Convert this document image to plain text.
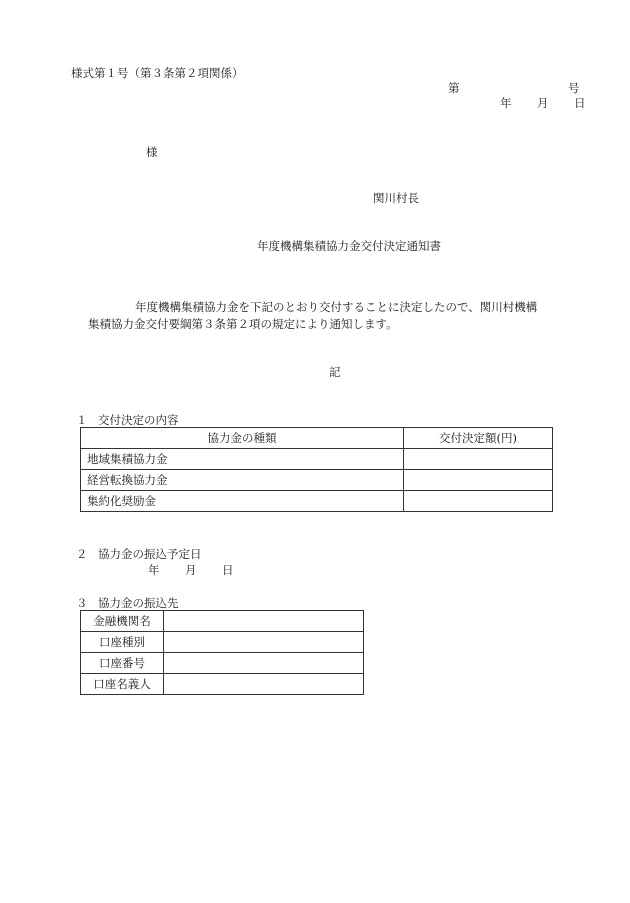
様式第１号（第３条第２項関係）
第	号
年 月 日
様
関川村長
年度機構集積協力金交付決定通知書
年度機構集積協力金を下記のとおり交付することに決定したので、関川村機構
集積協力金交付要綱第３条第２項の規定により通知します。
記
１ 交付決定の内容
協力金の種類	交付決定額(円)
地域集積協力金	
経営転換協力金	
集約化奨励金	
２ 協力金の振込予定日
年 月 日
３ 協力金の振込先
金融機関名	
口座種別	
口座番号	
口座名義人	
